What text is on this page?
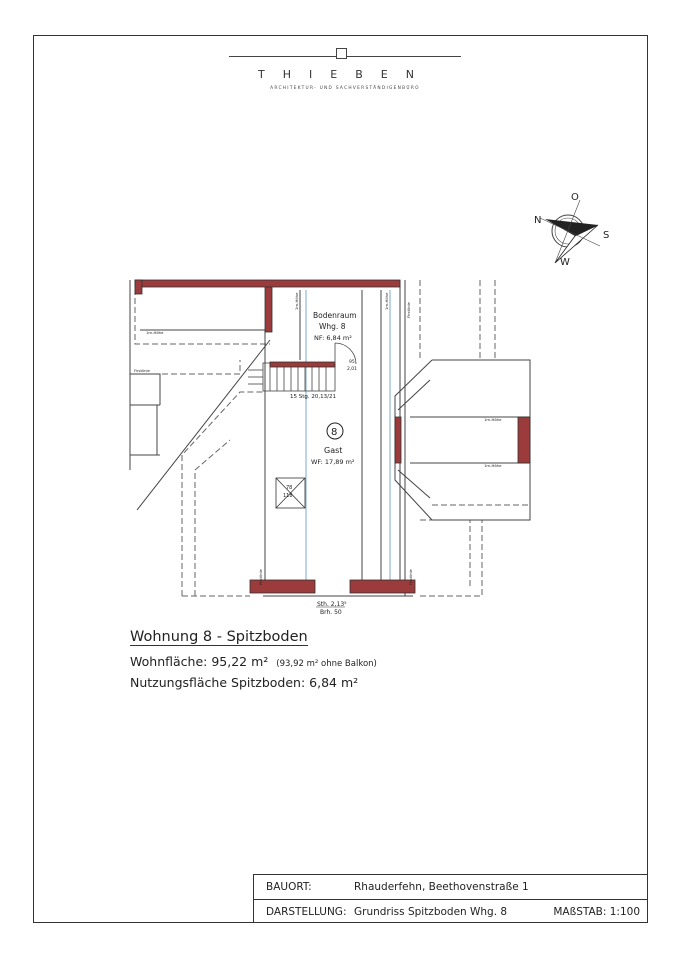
THIEBEN
ARCHITEKTUR- UND SACHVERSTÄNDIGENBÜRO
N
O
S
W
78
118
Bodenraum
Whg. 8
NF: 6,84 m²
95
2,01
15 Stg. 20,13/21
8
Gast
WF: 17,89 m²
Sth. 2,13⁵
Brh. 50
1m-Höhe
1m-Höhe
1m-Höhe
Firstlinie
Firstlinie
Firstlinie	Firstlinie
1m-Höhe	1m-Höhe
Wohnung 8 - Spitzboden
Wohnfläche: 95,22 m² (93,92 m² ohne Balkon)
Nutzungsfläche Spitzboden: 6,84 m²
BAUORT:	Rhauderfehn, Beethovenstraße 1
DARSTELLUNG: Grundriss Spitzboden Whg. 8	MAßSTAB: 1:100
